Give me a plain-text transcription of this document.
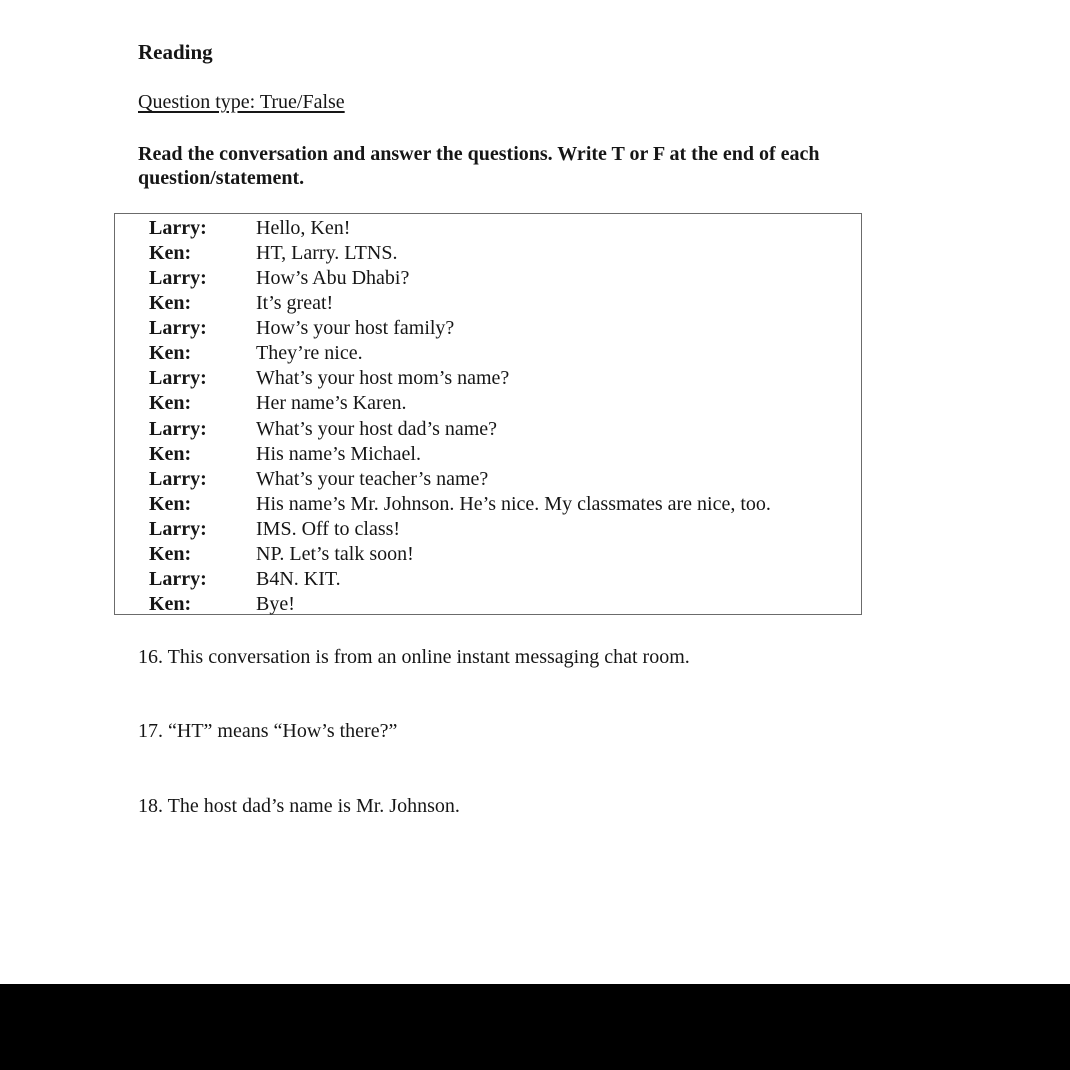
Reading

Question type: True/False

Read the conversation and answer the questions. Write T or F at the end of each question/statement.

Larry: Hello, Ken!
Ken:	HT, Larry. LTNS.
Larry: How’s Abu Dhabi?
Ken:	It’s great!
Larry: How’s your host family?
Ken:	They’re nice.
Larry: What’s your host mom’s name?
Ken:	Her name’s Karen.
Larry: What’s your host dad’s name?
Ken:	His name’s Michael.
Larry: What’s your teacher’s name?
Ken:	His name’s Mr. Johnson. He’s nice. My classmates are nice, too.
Larry: IMS. Off to class!
Ken:	NP. Let’s talk soon!
Larry: B4N. KIT.
Ken:	Bye!

16. This conversation is from an online instant messaging chat room.

17. “HT” means “How’s there?”

18. The host dad’s name is Mr. Johnson.
